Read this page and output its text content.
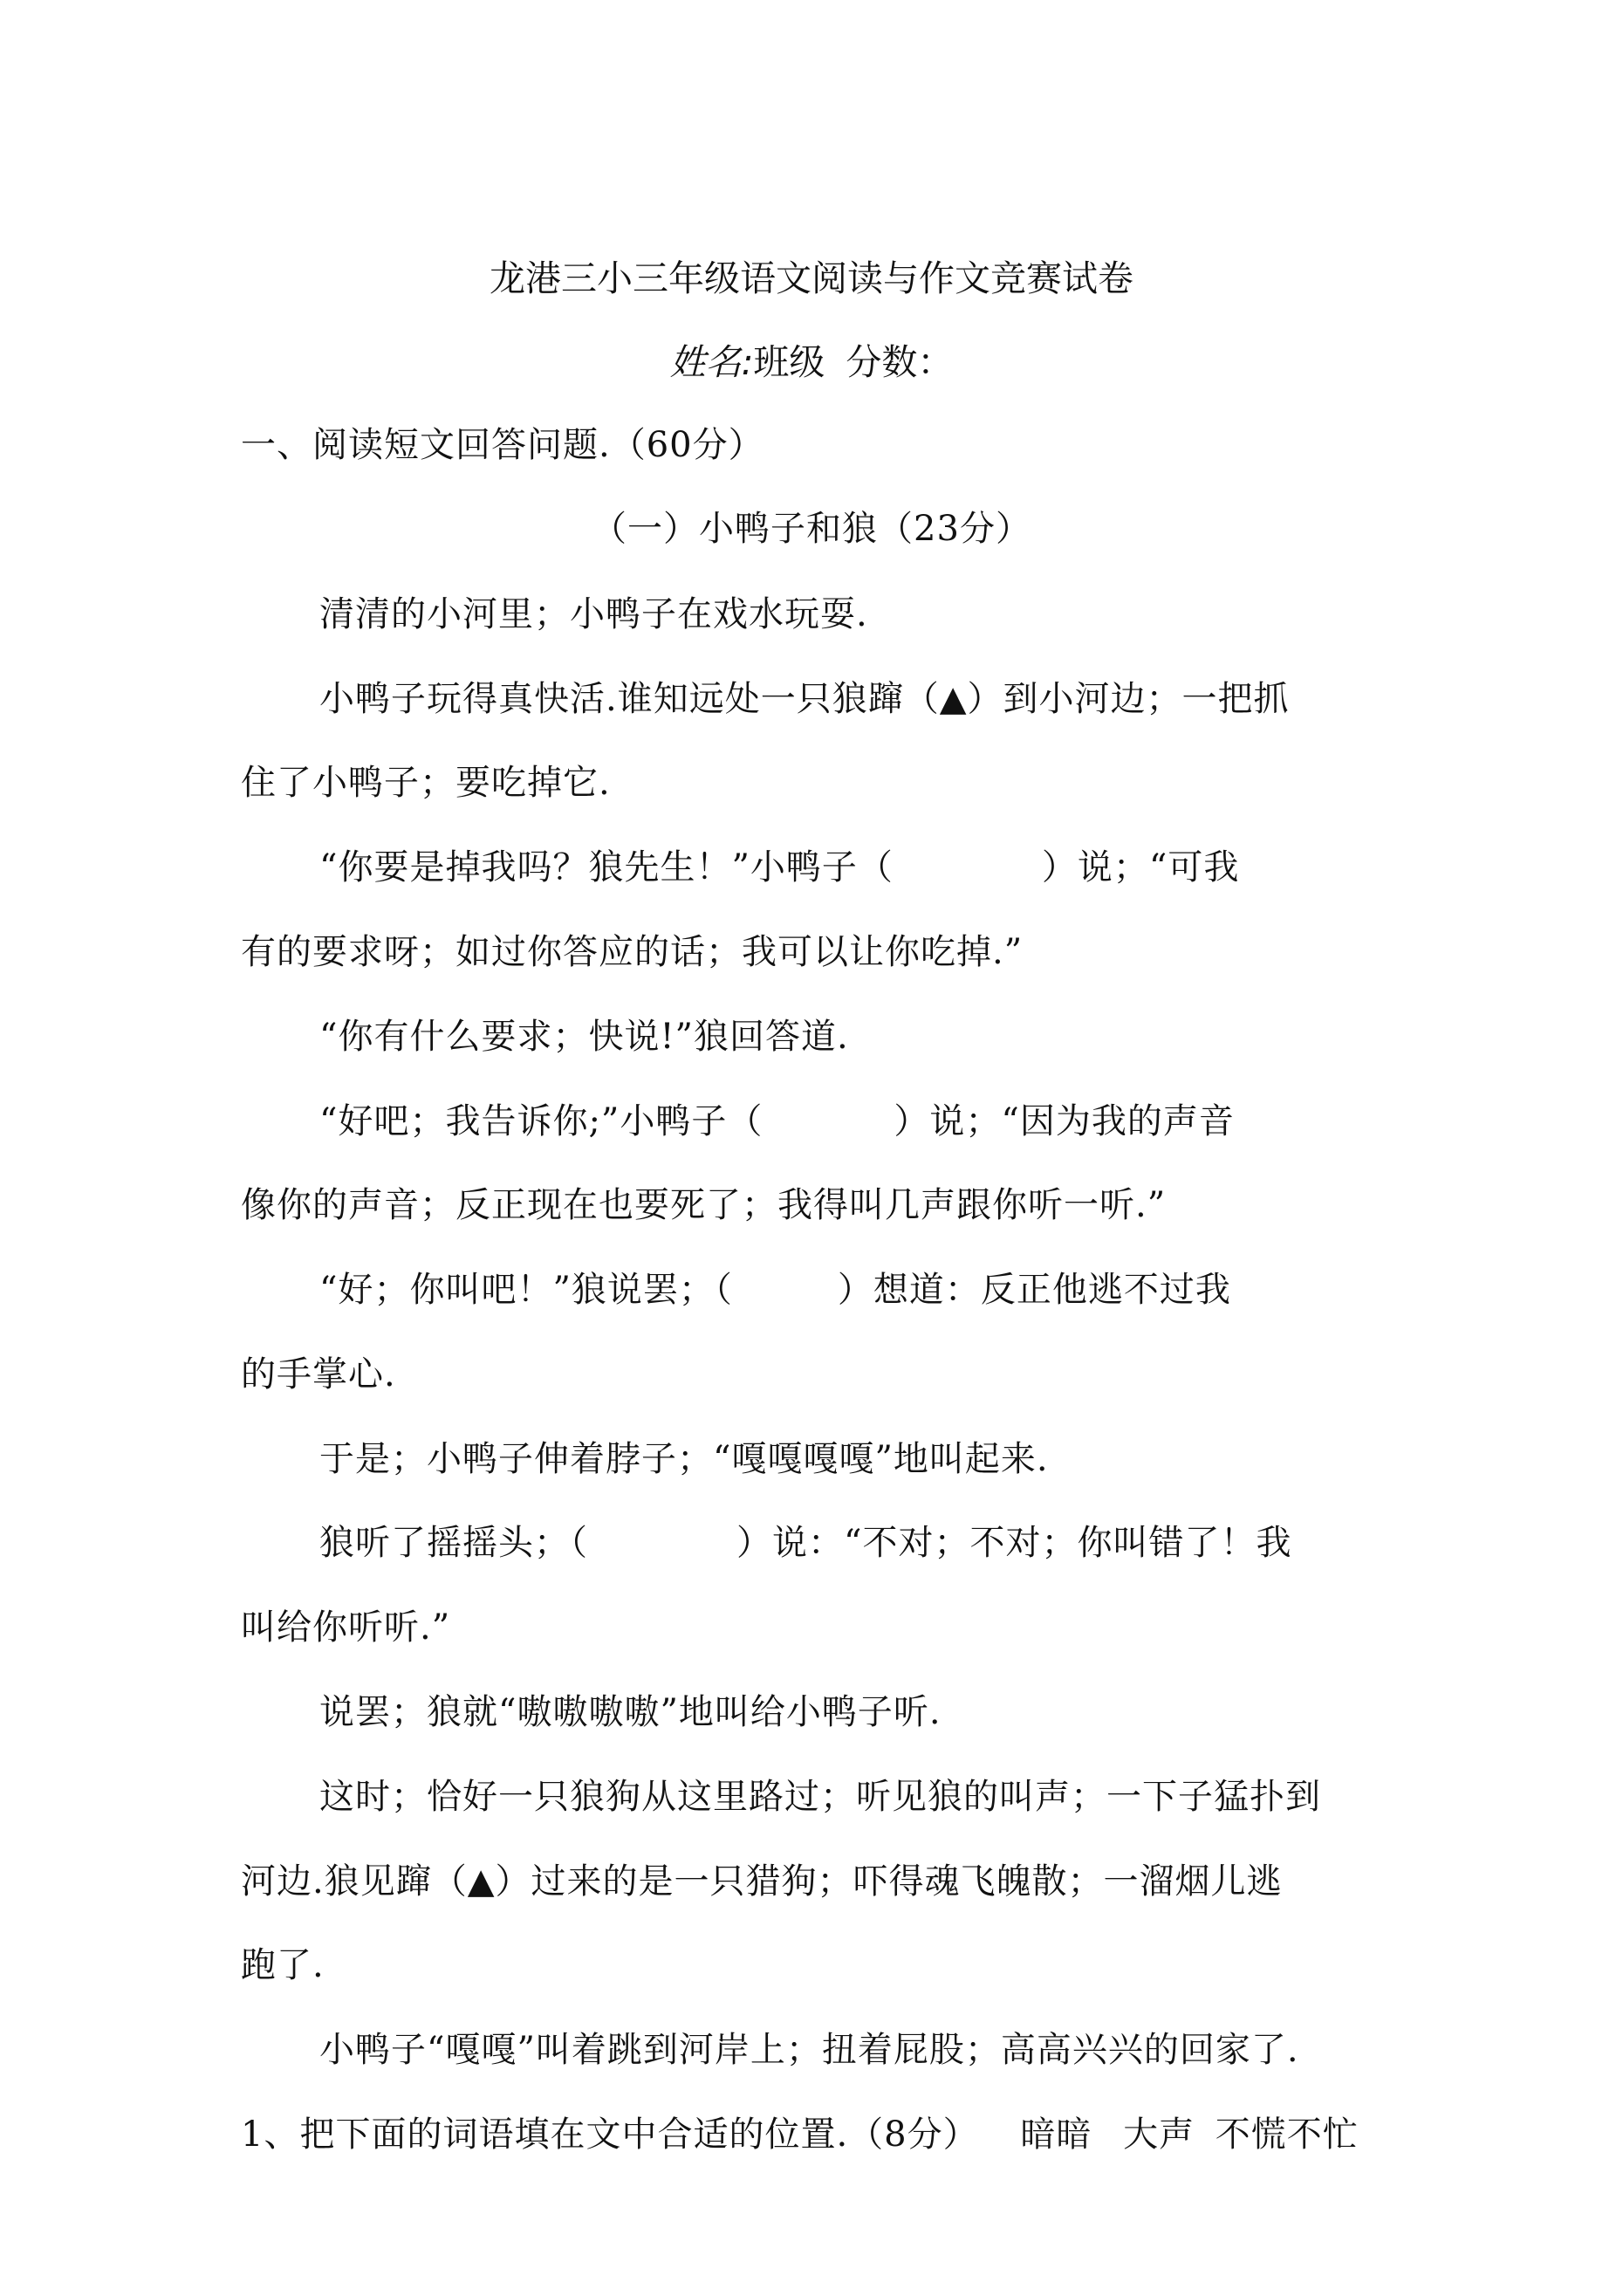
龙港三小三年级语文阅读与作文竞赛试卷
姓名:班级 分数：
一、阅读短文回答问题.（60分）
（一）小鸭子和狼（23分）
清清的小河里；小鸭子在戏水玩耍.
小鸭子玩得真快活.谁知远处一只狼蹿（▲）到小河边；一把抓
住了小鸭子；要吃掉它.
“你要是掉我吗？狼先生！”小鸭子（	）说；“可我
有的要求呀；如过你答应的话；我可以让你吃掉.”
“你有什么要求；快说!”狼回答道.
“好吧；我告诉你;”小鸭子（	）说；“因为我的声音
像你的声音；反正现在也要死了；我得叫几声跟你听一听.”
“好；你叫吧！”狼说罢；（	）想道：反正他逃不过我
的手掌心.
于是；小鸭子伸着脖子；“嘎嘎嘎嘎”地叫起来.
狼听了摇摇头；（	）说：“不对；不对；你叫错了！我
叫给你听听.”
说罢；狼就“嗷嗷嗷嗷”地叫给小鸭子听.
这时；恰好一只狼狗从这里路过；听见狼的叫声；一下子猛扑到
河边.狼见蹿（▲）过来的是一只猎狗；吓得魂飞魄散；一溜烟儿逃
跑了.
小鸭子“嘎嘎”叫着跳到河岸上；扭着屁股；高高兴兴的回家了.
1、把下面的词语填在文中合适的位置.（8分） 暗暗 大声 不慌不忙
